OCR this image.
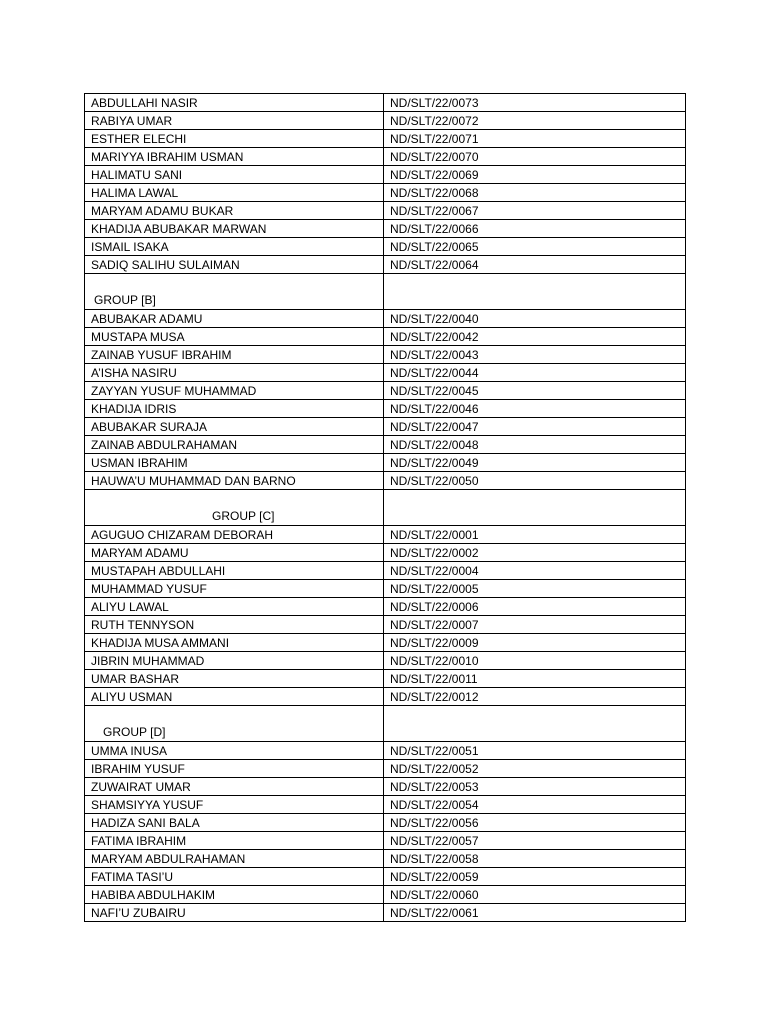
ABDULLAHI NASIR	ND/SLT/22/0073
RABIYA UMAR	ND/SLT/22/0072
ESTHER ELECHI	ND/SLT/22/0071
MARIYYA IBRAHIM USMAN	ND/SLT/22/0070
HALIMATU SANI	ND/SLT/22/0069
HALIMA LAWAL	ND/SLT/22/0068
MARYAM ADAMU BUKAR	ND/SLT/22/0067
KHADIJA ABUBAKAR MARWAN	ND/SLT/22/0066
ISMAIL ISAKA	ND/SLT/22/0065
SADIQ SALIHU SULAIMAN	ND/SLT/22/0064
GROUP [B]	
ABUBAKAR ADAMU	ND/SLT/22/0040
MUSTAPA MUSA	ND/SLT/22/0042
ZAINAB YUSUF IBRAHIM	ND/SLT/22/0043
A’ISHA NASIRU	ND/SLT/22/0044
ZAYYAN YUSUF MUHAMMAD	ND/SLT/22/0045
KHADIJA IDRIS	ND/SLT/22/0046
ABUBAKAR SURAJA	ND/SLT/22/0047
ZAINAB ABDULRAHAMAN	ND/SLT/22/0048
USMAN IBRAHIM	ND/SLT/22/0049
HAUWA’U MUHAMMAD DAN BARNO	ND/SLT/22/0050
GROUP [C]	
AGUGUO CHIZARAM DEBORAH	ND/SLT/22/0001
MARYAM ADAMU	ND/SLT/22/0002
MUSTAPAH ABDULLAHI	ND/SLT/22/0004
MUHAMMAD YUSUF	ND/SLT/22/0005
ALIYU LAWAL	ND/SLT/22/0006
RUTH TENNYSON	ND/SLT/22/0007
KHADIJA MUSA AMMANI	ND/SLT/22/0009
JIBRIN MUHAMMAD	ND/SLT/22/0010
UMAR BASHAR	ND/SLT/22/0011
ALIYU USMAN	ND/SLT/22/0012
GROUP [D]	
UMMA INUSA	ND/SLT/22/0051
IBRAHIM YUSUF	ND/SLT/22/0052
ZUWAIRAT UMAR	ND/SLT/22/0053
SHAMSIYYA YUSUF	ND/SLT/22/0054
HADIZA SANI BALA	ND/SLT/22/0056
FATIMA IBRAHIM	ND/SLT/22/0057
MARYAM ABDULRAHAMAN	ND/SLT/22/0058
FATIMA TASI’U	ND/SLT/22/0059
HABIBA ABDULHAKIM	ND/SLT/22/0060
NAFI’U ZUBAIRU	ND/SLT/22/0061
